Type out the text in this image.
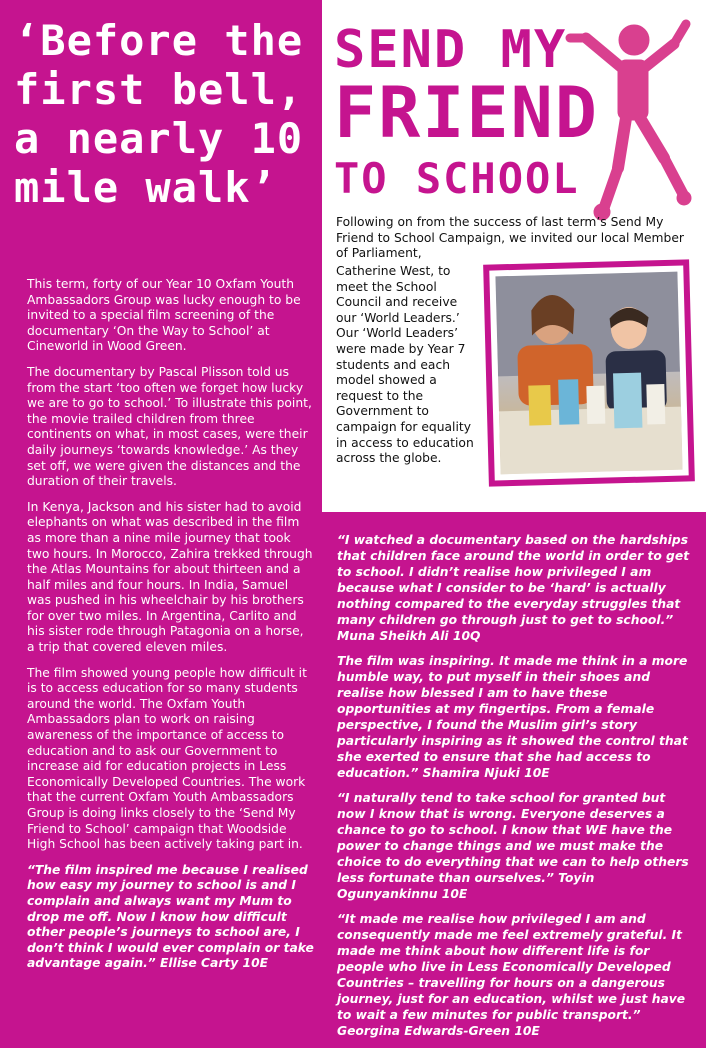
‘Before the
first bell,
a nearly 10
mile walk’

This term, forty of our Year 10 Oxfam Youth Ambassadors Group was lucky enough to be invited to a special film screening of the documentary ‘On the Way to School’ at Cineworld in Wood Green.

The documentary by Pascal Plisson told us from the start ‘too often we forget how lucky we are to go to school.’ To illustrate this point, the movie trailed children from three continents on what, in most cases, were their daily journeys ‘towards knowledge.’ As they set off, we were given the distances and the duration of their travels.

In Kenya, Jackson and his sister had to avoid elephants on what was described in the film as more than a nine mile journey that took two hours. In Morocco, Zahira trekked through the Atlas Mountains for about thirteen and a half miles and four hours. In India, Samuel was pushed in his wheelchair by his brothers for over two miles. In Argentina, Carlito and his sister rode through Patagonia on a horse, a trip that covered eleven miles.

The film showed young people how difficult it is to access education for so many students around the world. The Oxfam Youth Ambassadors plan to work on raising awareness of the importance of access to education and to ask our Government to increase aid for education projects in Less Economically Developed Countries. The work that the current Oxfam Youth Ambassadors Group is doing links closely to the ‘Send My Friend to School’ campaign that Woodside High School has been actively taking part in.

“The film inspired me because I realised how easy my journey to school is and I complain and always want my Mum to drop me off. Now I know how difficult other people’s journeys to school are, I don’t think I would ever complain or take advantage again.” Ellise Carty 10E

SEND MY
FRIEND
TO SCHOOL

Following on from the success of last term’s Send My Friend to School Campaign, we invited our local Member of Parliament,

Catherine West, to meet the School Council and receive our ‘World Leaders.’ Our ‘World Leaders’ were made by Year 7 students and each model showed a request to the Government to campaign for equality in access to education across the globe.

“I watched a documentary based on the hardships that children face around the world in order to get to school. I didn’t realise how privileged I am because what I consider to be ‘hard’ is actually nothing compared to the everyday struggles that many children go through just to get to school.” Muna Sheikh Ali 10Q

The film was inspiring. It made me think in a more humble way, to put myself in their shoes and realise how blessed I am to have these opportunities at my fingertips. From a female perspective, I found the Muslim girl’s story particularly inspiring as it showed the control that she exerted to ensure that she had access to education.” Shamira Njuki 10E

“I naturally tend to take school for granted but now I know that is wrong. Everyone deserves a chance to go to school. I know that WE have the power to change things and we must make the choice to do everything that we can to help others less fortunate than ourselves.” Toyin Ogunyankinnu 10E

“It made me realise how privileged I am and consequently made me feel extremely grateful. It made me think about how different life is for people who live in Less Economically Developed Countries – travelling for hours on a dangerous journey, just for an education, whilst we just have to wait a few minutes for public transport.” Georgina Edwards-Green 10E
